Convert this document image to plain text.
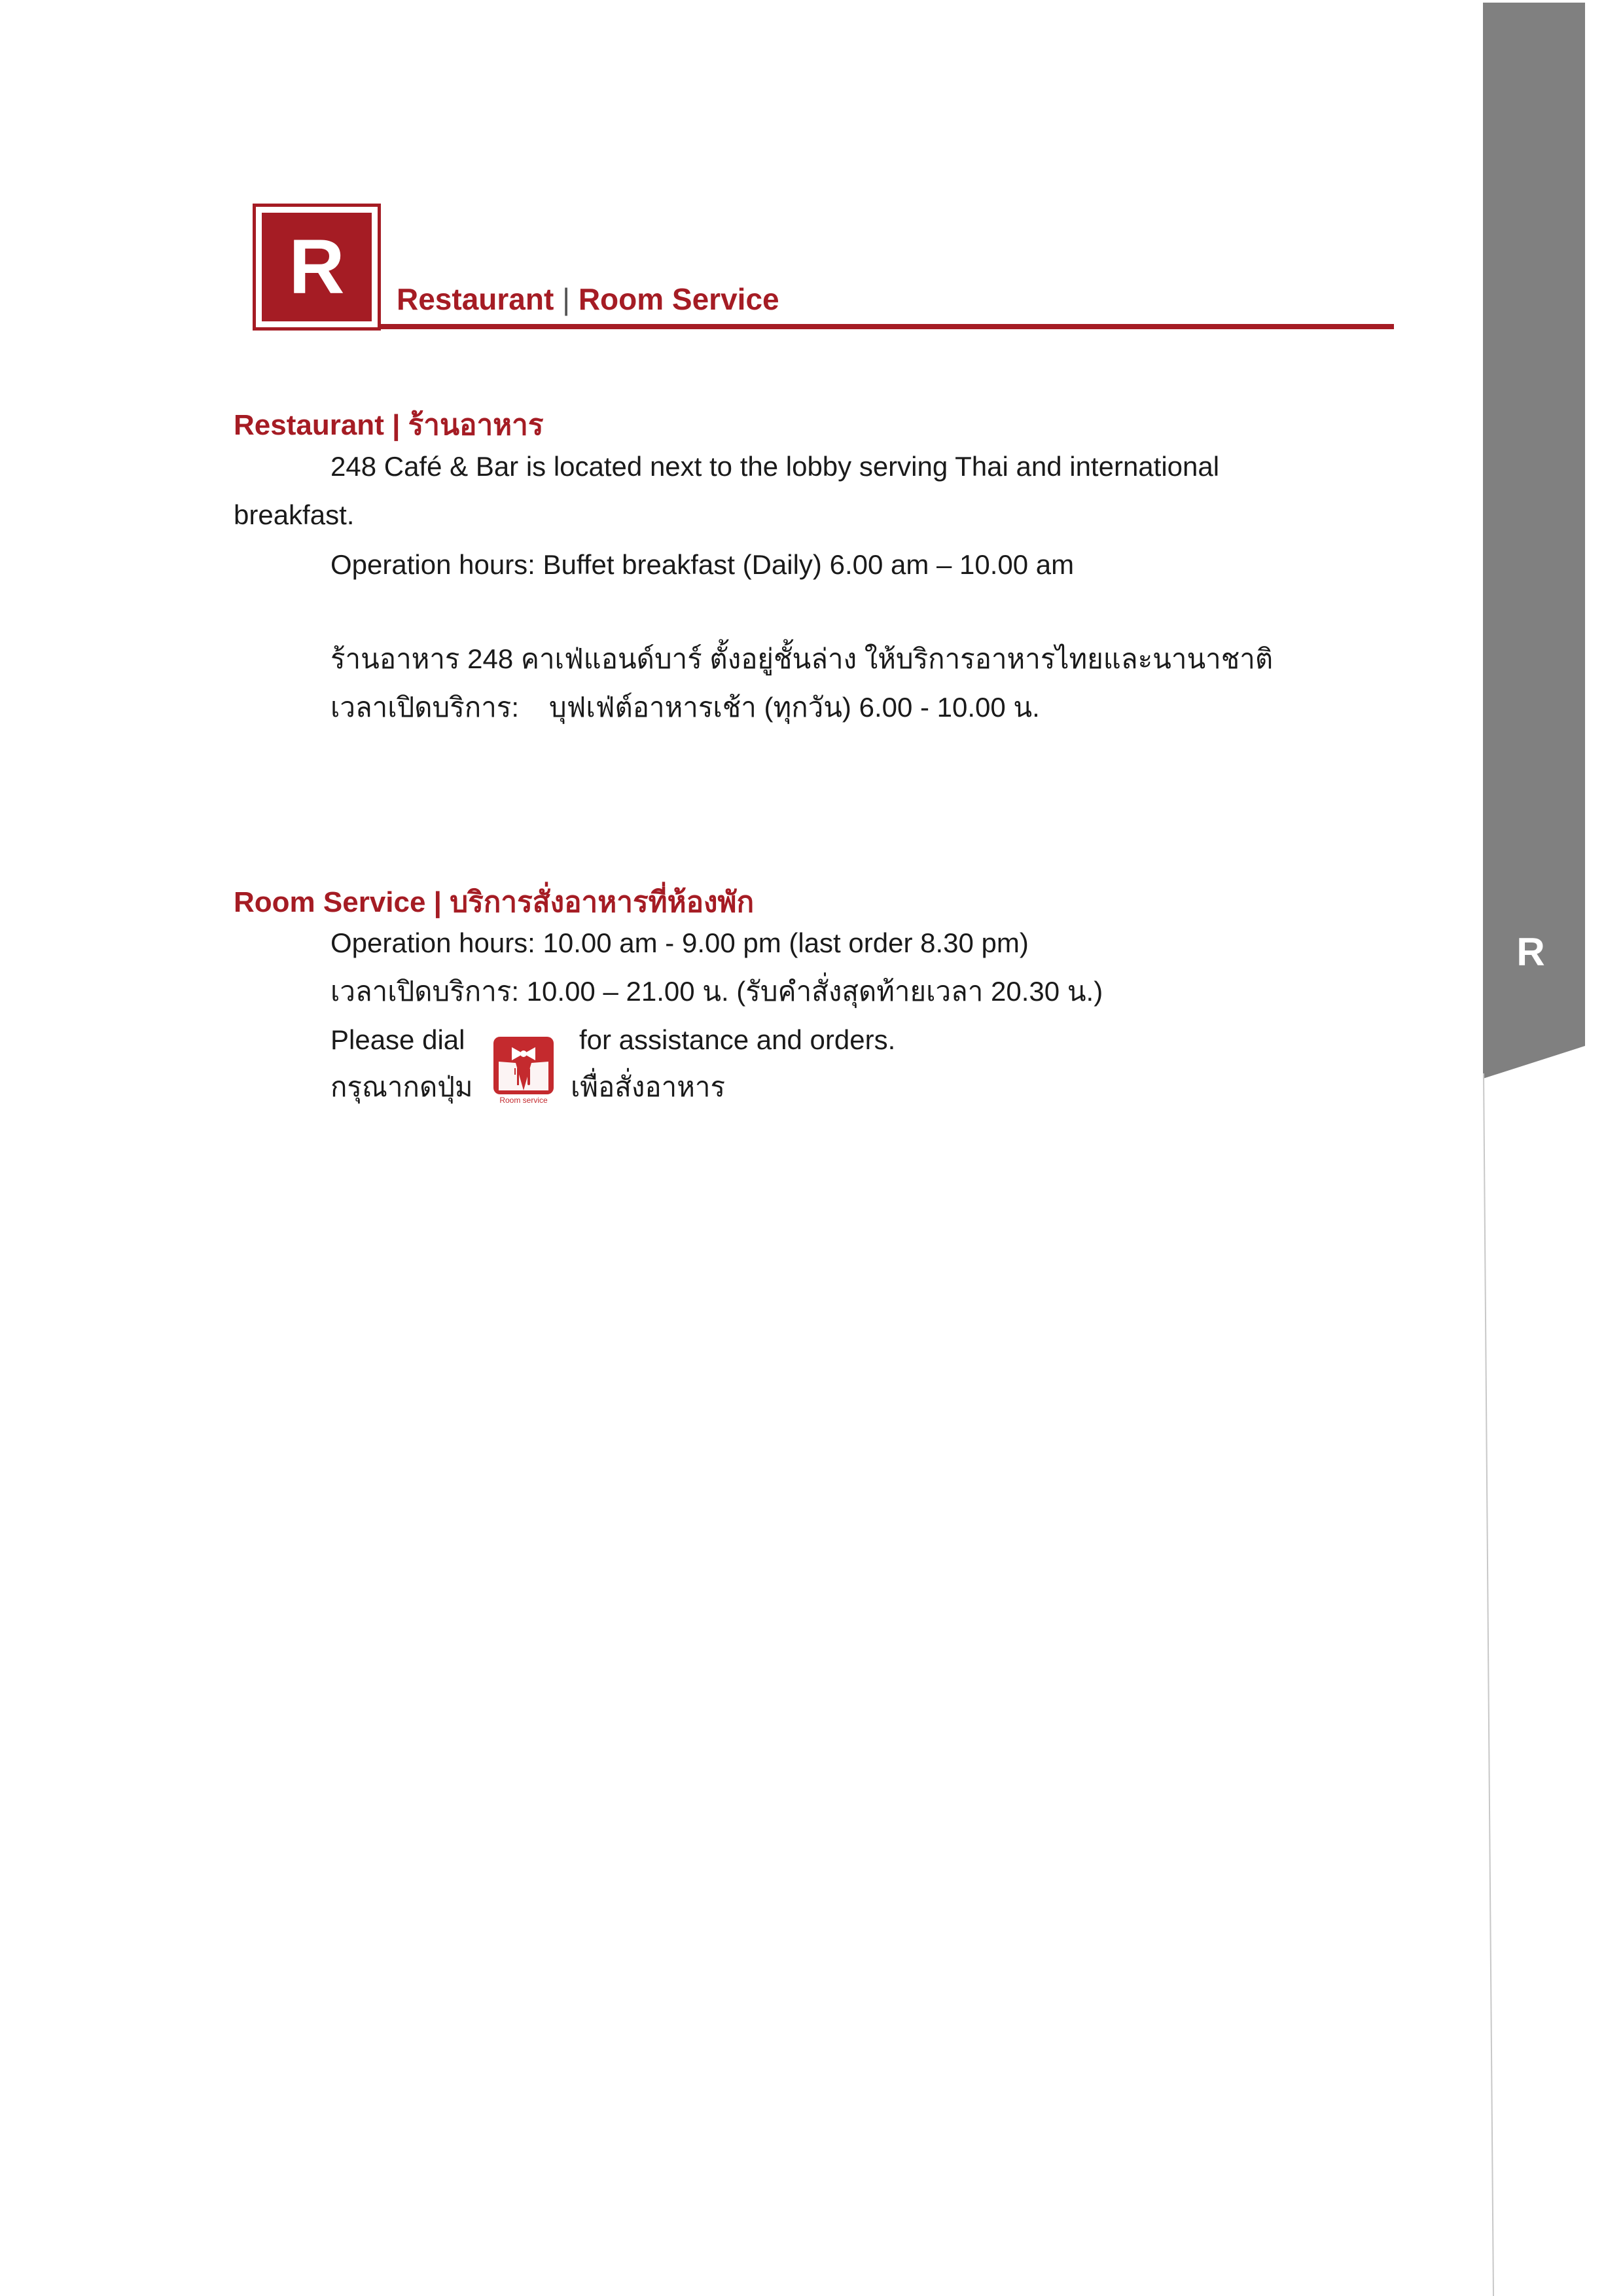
R
R	Restaurant | Room Service
Restaurant | ร้านอาหาร
248 Café & Bar is located next to the lobby serving Thai and international
breakfast.
Operation hours: Buffet breakfast (Daily) 6.00 am – 10.00 am
ร้านอาหาร 248 คาเฟ่แอนด์บาร์ ตั้งอยู่ชั้นล่าง ให้บริการอาหารไทยและนานาชาติ
เวลาเปิดบริการ: บุฟเฟ่ต์อาหารเช้า (ทุกวัน) 6.00 - 10.00 น.
Room Service | บริการสั่งอาหารที่ห้องพัก
Operation hours: 10.00 am - 9.00 pm (last order 8.30 pm)
เวลาเปิดบริการ: 10.00 – 21.00 น. (รับคำสั่งสุดท้ายเวลา 20.30 น.)
Please dial	for assistance and orders.
กรุณากดปุ่ม	เพื่อสั่งอาหาร
Room service
